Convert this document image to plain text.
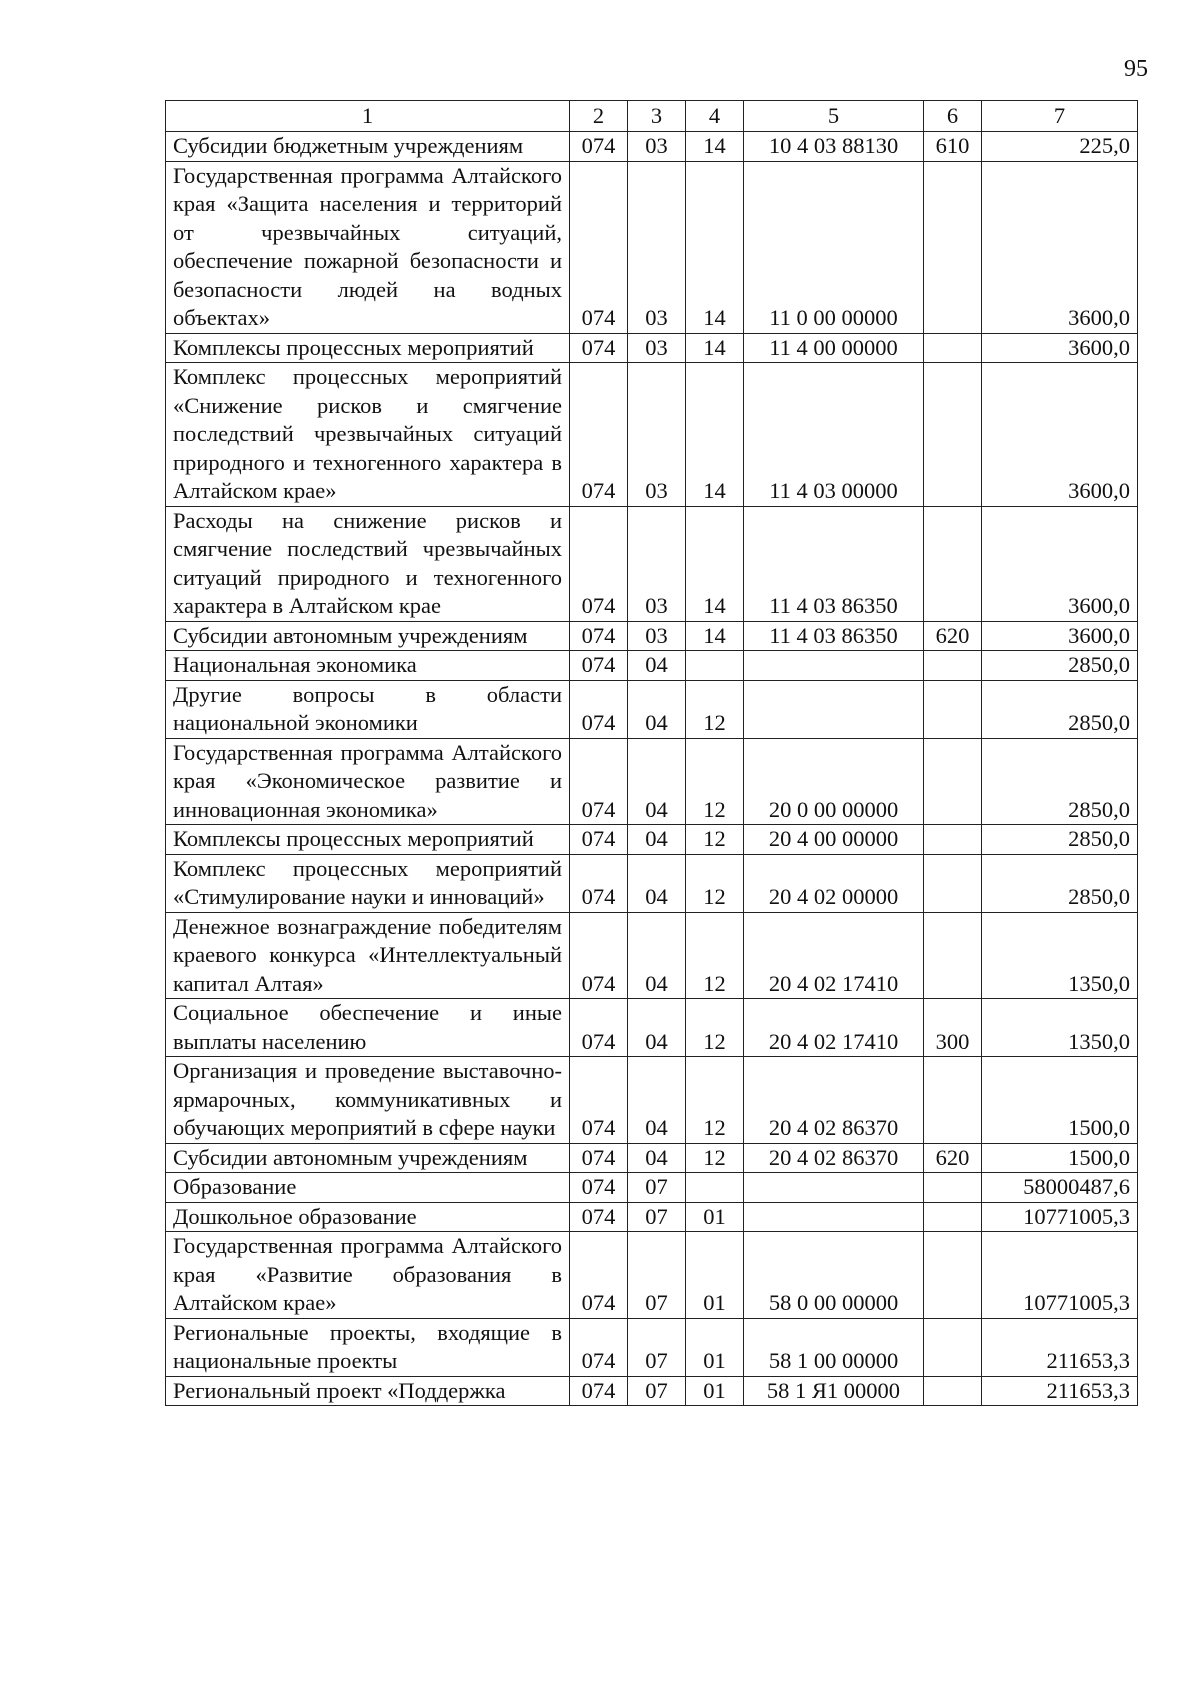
95
1	2	3	4	5	6	7
Субсидии бюджетным учреждениям	074	03	14	10 4 03 88130	610	225,0
Государственная программа Алтайского края «Защита населения и территорий от чрезвычайных ситуаций, обеспечение пожарной безопасности и безопасности людей на водных объектах»	074	03	14	11 0 00 00000		3600,0
Комплексы процессных мероприятий	074	03	14	11 4 00 00000		3600,0
Комплекс процессных мероприятий «Снижение рисков и смягчение последствий чрезвычайных ситуаций природного и техногенного характера в Алтайском крае»	074	03	14	11 4 03 00000		3600,0
Расходы на снижение рисков и смягчение последствий чрезвычайных ситуаций природного и техногенного характера в Алтайском крае	074	03	14	11 4 03 86350		3600,0
Субсидии автономным учреждениям	074	03	14	11 4 03 86350	620	3600,0
Национальная экономика	074	04				2850,0
Другие вопросы в области национальной экономики	074	04	12			2850,0
Государственная программа Алтайского края «Экономическое развитие и инновационная экономика»	074	04	12	20 0 00 00000		2850,0
Комплексы процессных мероприятий	074	04	12	20 4 00 00000		2850,0
Комплекс процессных мероприятий «Стимулирование науки и инноваций»	074	04	12	20 4 02 00000		2850,0
Денежное вознаграждение победителям краевого конкурса «Интеллектуальный капитал Алтая»	074	04	12	20 4 02 17410		1350,0
Социальное обеспечение и иные выплаты населению	074	04	12	20 4 02 17410	300	1350,0
Организация и проведение выставочно-ярмарочных, коммуникативных и обучающих мероприятий в сфере науки	074	04	12	20 4 02 86370		1500,0
Субсидии автономным учреждениям	074	04	12	20 4 02 86370	620	1500,0
Образование	074	07				58000487,6
Дошкольное образование	074	07	01			10771005,3
Государственная программа Алтайского края «Развитие образования в Алтайском крае»	074	07	01	58 0 00 00000		10771005,3
Региональные проекты, входящие в национальные проекты	074	07	01	58 1 00 00000		211653,3
Региональный проект «Поддержка	074	07	01	58 1 Я1 00000		211653,3
